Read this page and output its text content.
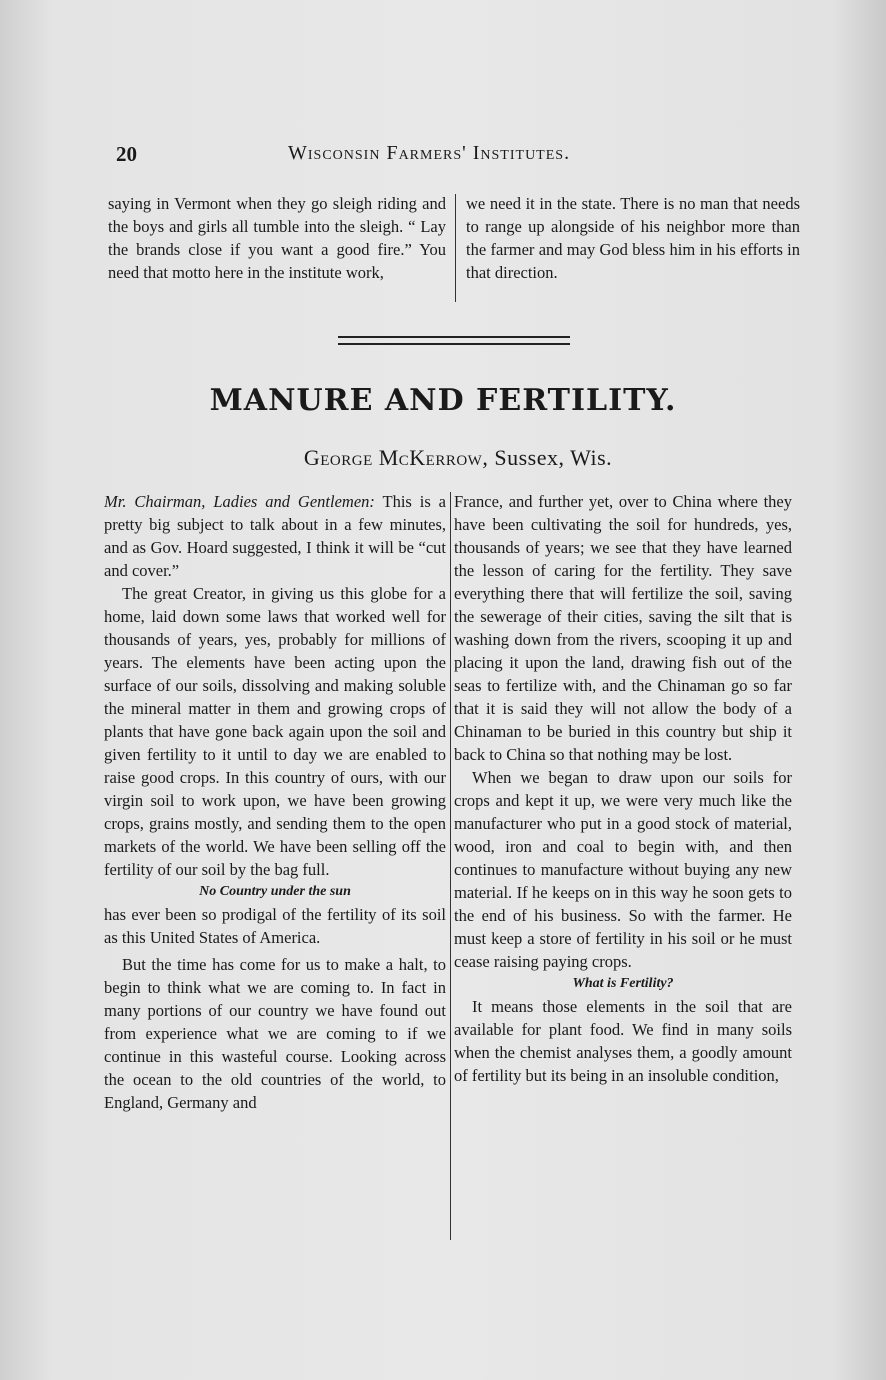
20	Wisconsin Farmers' Institutes.

saying in Vermont when they go sleigh riding and the boys and girls all tumble into the sleigh. “ Lay the brands close if you want a good fire.” You need that motto here in the institute work,

we need it in the state. There is no man that needs to range up alongside of his neighbor more than the farmer and may God bless him in his efforts in that direction.

MANURE AND FERTILITY.
George McKerrow, Sussex, Wis.

Mr. Chairman, Ladies and Gentlemen: This is a pretty big subject to talk about in a few minutes, and as Gov. Hoard suggested, I think it will be “cut and cover.”

The great Creator, in giving us this globe for a home, laid down some laws that worked well for thousands of years, yes, probably for millions of years. The elements have been acting upon the surface of our soils, dissolving and making soluble the mineral matter in them and growing crops of plants that have gone back again upon the soil and given fertility to it until to day we are enabled to raise good crops. In this country of ours, with our virgin soil to work upon, we have been growing crops, grains mostly, and sending them to the open markets of the world. We have been selling off the fertility of our soil by the bag full.

No Country under the sun

has ever been so prodigal of the fertility of its soil as this United States of America.

But the time has come for us to make a halt, to begin to think what we are coming to. In fact in many portions of our country we have found out from experience what we are coming to if we continue in this wasteful course. Looking across the ocean to the old countries of the world, to England, Germany and

France, and further yet, over to China where they have been cultivating the soil for hundreds, yes, thousands of years; we see that they have learned the lesson of caring for the fertility. They save everything there that will fertilize the soil, saving the sewerage of their cities, saving the silt that is washing down from the rivers, scooping it up and placing it upon the land, drawing fish out of the seas to fertilize with, and the Chinaman go so far that it is said they will not allow the body of a Chinaman to be buried in this country but ship it back to China so that nothing may be lost.

When we began to draw upon our soils for crops and kept it up, we were very much like the manufacturer who put in a good stock of material, wood, iron and coal to begin with, and then continues to manufacture without buying any new material. If he keeps on in this way he soon gets to the end of his business. So with the farmer. He must keep a store of fertility in his soil or he must cease raising paying crops.

What is Fertility?

It means those elements in the soil that are available for plant food. We find in many soils when the chemist analyses them, a goodly amount of fertility but its being in an insoluble condition,
